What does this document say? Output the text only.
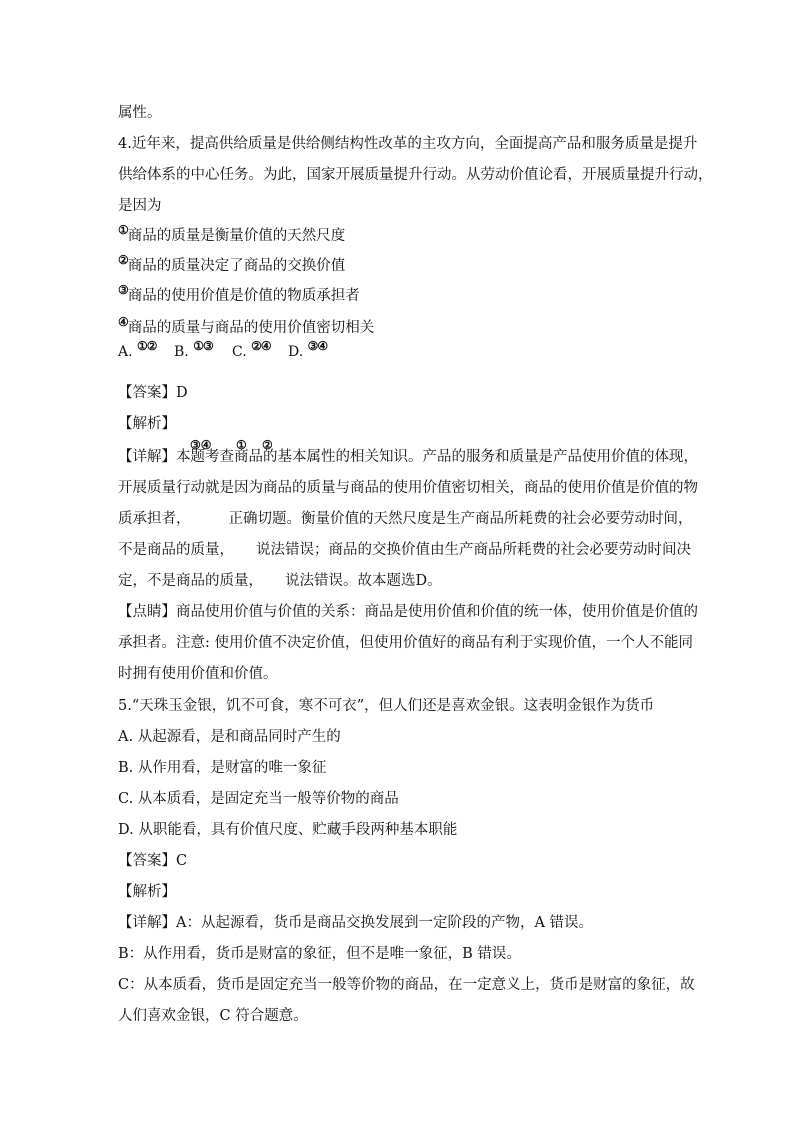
属性。
4.近年来，提高供给质量是供给侧结构性改革的主攻方向，全面提高产品和服务质量是提升
供给体系的中心任务。为此，国家开展质量提升行动。从劳动价值论看，开展质量提升行动，
是因为
①商品的质量是衡量价值的天然尺度
②商品的质量决定了商品的交换价值
③商品的使用价值是价值的物质承担者
④商品的质量与商品的使用价值密切相关
A. ①② B. ①③ C. ②④ D. ③④
【答案】D
【解析】
③④ ① ②
【详解】本题考查商品的基本属性的相关知识。产品的服务和质量是产品使用价值的体现，
开展质量行动就是因为商品的质量与商品的使用价值密切相关，商品的使用价值是价值的物
质承担者，	正确切题。衡量价值的天然尺度是生产商品所耗费的社会必要劳动时间，
不是商品的质量， 说法错误；商品的交换价值由生产商品所耗费的社会必要劳动时间决
定，不是商品的质量， 说法错误。故本题选D。
【点睛】商品使用价值与价值的关系：商品是使用价值和价值的统一体，使用价值是价值的
承担者。注意: 使用价值不决定价值，但使用价值好的商品有利于实现价值，一个人不能同
时拥有使用价值和价值。
5.“天珠玉金银，饥不可食，寒不可衣”，但人们还是喜欢金银。这表明金银作为货币
A. 从起源看，是和商品同时产生的
B. 从作用看，是财富的唯一象征
C. 从本质看，是固定充当一般等价物的商品
D. 从职能看，具有价值尺度、贮藏手段两种基本职能
【答案】C
【解析】
【详解】A：从起源看，货币是商品交换发展到一定阶段的产物，A 错误。
B：从作用看，货币是财富的象征，但不是唯一象征，B 错误。
C：从本质看，货币是固定充当一般等价物的商品，在一定意义上，货币是财富的象征，故
人们喜欢金银，C 符合题意。
